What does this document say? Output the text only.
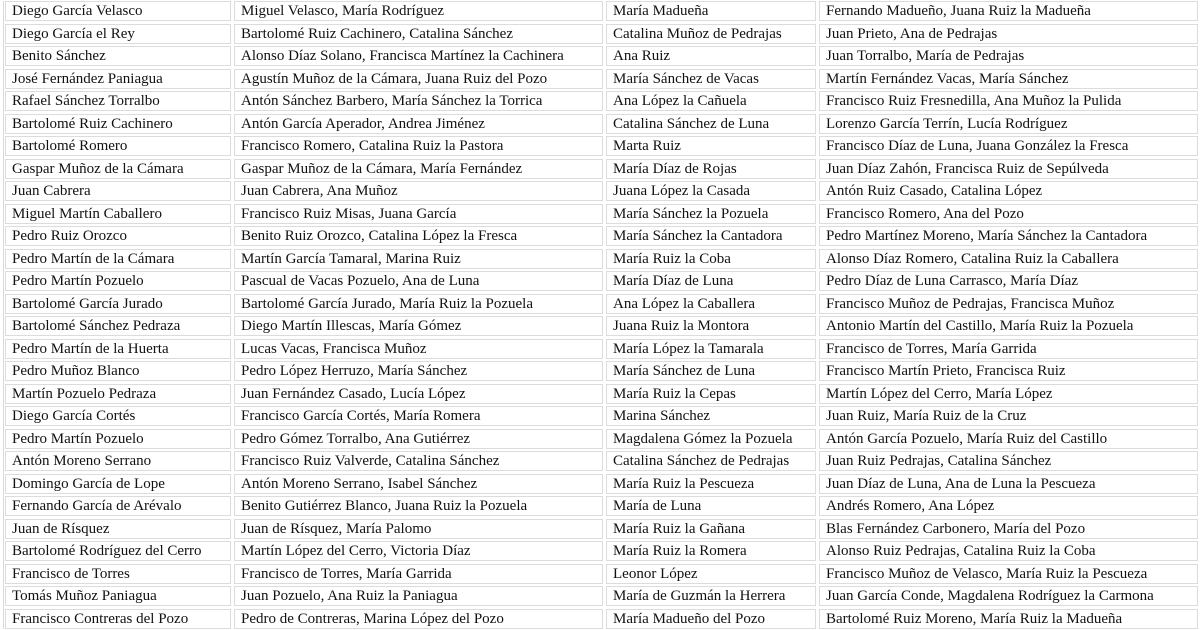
Diego García Velasco	Miguel Velasco, María Rodríguez	María Madueña	Fernando Madueño, Juana Ruiz la Madueña
Diego García el Rey	Bartolomé Ruiz Cachinero, Catalina Sánchez	Catalina Muñoz de Pedrajas	Juan Prieto, Ana de Pedrajas
Benito Sánchez	Alonso Díaz Solano, Francisca Martínez la Cachinera	Ana Ruiz	Juan Torralbo, María de Pedrajas
José Fernández Paniagua	Agustín Muñoz de la Cámara, Juana Ruiz del Pozo	María Sánchez de Vacas	Martín Fernández Vacas, María Sánchez
Rafael Sánchez Torralbo	Antón Sánchez Barbero, María Sánchez la Torrica	Ana López la Cañuela	Francisco Ruiz Fresnedilla, Ana Muñoz la Pulida
Bartolomé Ruiz Cachinero	Antón García Aperador, Andrea Jiménez	Catalina Sánchez de Luna	Lorenzo García Terrín, Lucía Rodríguez
Bartolomé Romero	Francisco Romero, Catalina Ruiz la Pastora	Marta Ruiz	Francisco Díaz de Luna, Juana González la Fresca
Gaspar Muñoz de la Cámara	Gaspar Muñoz de la Cámara, María Fernández	María Díaz de Rojas	Juan Díaz Zahón, Francisca Ruiz de Sepúlveda
Juan Cabrera	Juan Cabrera, Ana Muñoz	Juana López la Casada	Antón Ruiz Casado, Catalina López
Miguel Martín Caballero	Francisco Ruiz Misas, Juana García	María Sánchez la Pozuela	Francisco Romero, Ana del Pozo
Pedro Ruiz Orozco	Benito Ruiz Orozco, Catalina López la Fresca	María Sánchez la Cantadora	Pedro Martínez Moreno, María Sánchez la Cantadora
Pedro Martín de la Cámara	Martín García Tamaral, Marina Ruiz	María Ruiz la Coba	Alonso Díaz Romero, Catalina Ruiz la Caballera
Pedro Martín Pozuelo	Pascual de Vacas Pozuelo, Ana de Luna	María Díaz de Luna	Pedro Díaz de Luna Carrasco, María Díaz
Bartolomé García Jurado	Bartolomé García Jurado, María Ruiz la Pozuela	Ana López la Caballera	Francisco Muñoz de Pedrajas, Francisca Muñoz
Bartolomé Sánchez Pedraza	Diego Martín Illescas, María Gómez	Juana Ruiz la Montora	Antonio Martín del Castillo, María Ruiz la Pozuela
Pedro Martín de la Huerta	Lucas Vacas, Francisca Muñoz	María López la Tamarala	Francisco de Torres, María Garrida
Pedro Muñoz Blanco	Pedro López Herruzo, María Sánchez	María Sánchez de Luna	Francisco Martín Prieto, Francisca Ruiz
Martín Pozuelo Pedraza	Juan Fernández Casado, Lucía López	María Ruiz la Cepas	Martín López del Cerro, María López
Diego García Cortés	Francisco García Cortés, María Romera	Marina Sánchez	Juan Ruiz, María Ruiz de la Cruz
Pedro Martín Pozuelo	Pedro Gómez Torralbo, Ana Gutiérrez	Magdalena Gómez la Pozuela	Antón García Pozuelo, María Ruiz del Castillo
Antón Moreno Serrano	Francisco Ruiz Valverde, Catalina Sánchez	Catalina Sánchez de Pedrajas	Juan Ruiz Pedrajas, Catalina Sánchez
Domingo García de Lope	Antón Moreno Serrano, Isabel Sánchez	María Ruiz la Pescueza	Juan Díaz de Luna, Ana de Luna la Pescueza
Fernando García de Arévalo	Benito Gutiérrez Blanco, Juana Ruiz la Pozuela	María de Luna	Andrés Romero, Ana López
Juan de Rísquez	Juan de Rísquez, María Palomo	María Ruiz la Gañana	Blas Fernández Carbonero, María del Pozo
Bartolomé Rodríguez del Cerro	Martín López del Cerro, Victoria Díaz	María Ruiz la Romera	Alonso Ruiz Pedrajas, Catalina Ruiz la Coba
Francisco de Torres	Francisco de Torres, María Garrida	Leonor López	Francisco Muñoz de Velasco, María Ruiz la Pescueza
Tomás Muñoz Paniagua	Juan Pozuelo, Ana Ruiz la Paniagua	María de Guzmán la Herrera	Juan García Conde, Magdalena Rodríguez la Carmona
Francisco Contreras del Pozo	Pedro de Contreras, Marina López del Pozo	María Madueño del Pozo	Bartolomé Ruiz Moreno, María Ruiz la Madueña
